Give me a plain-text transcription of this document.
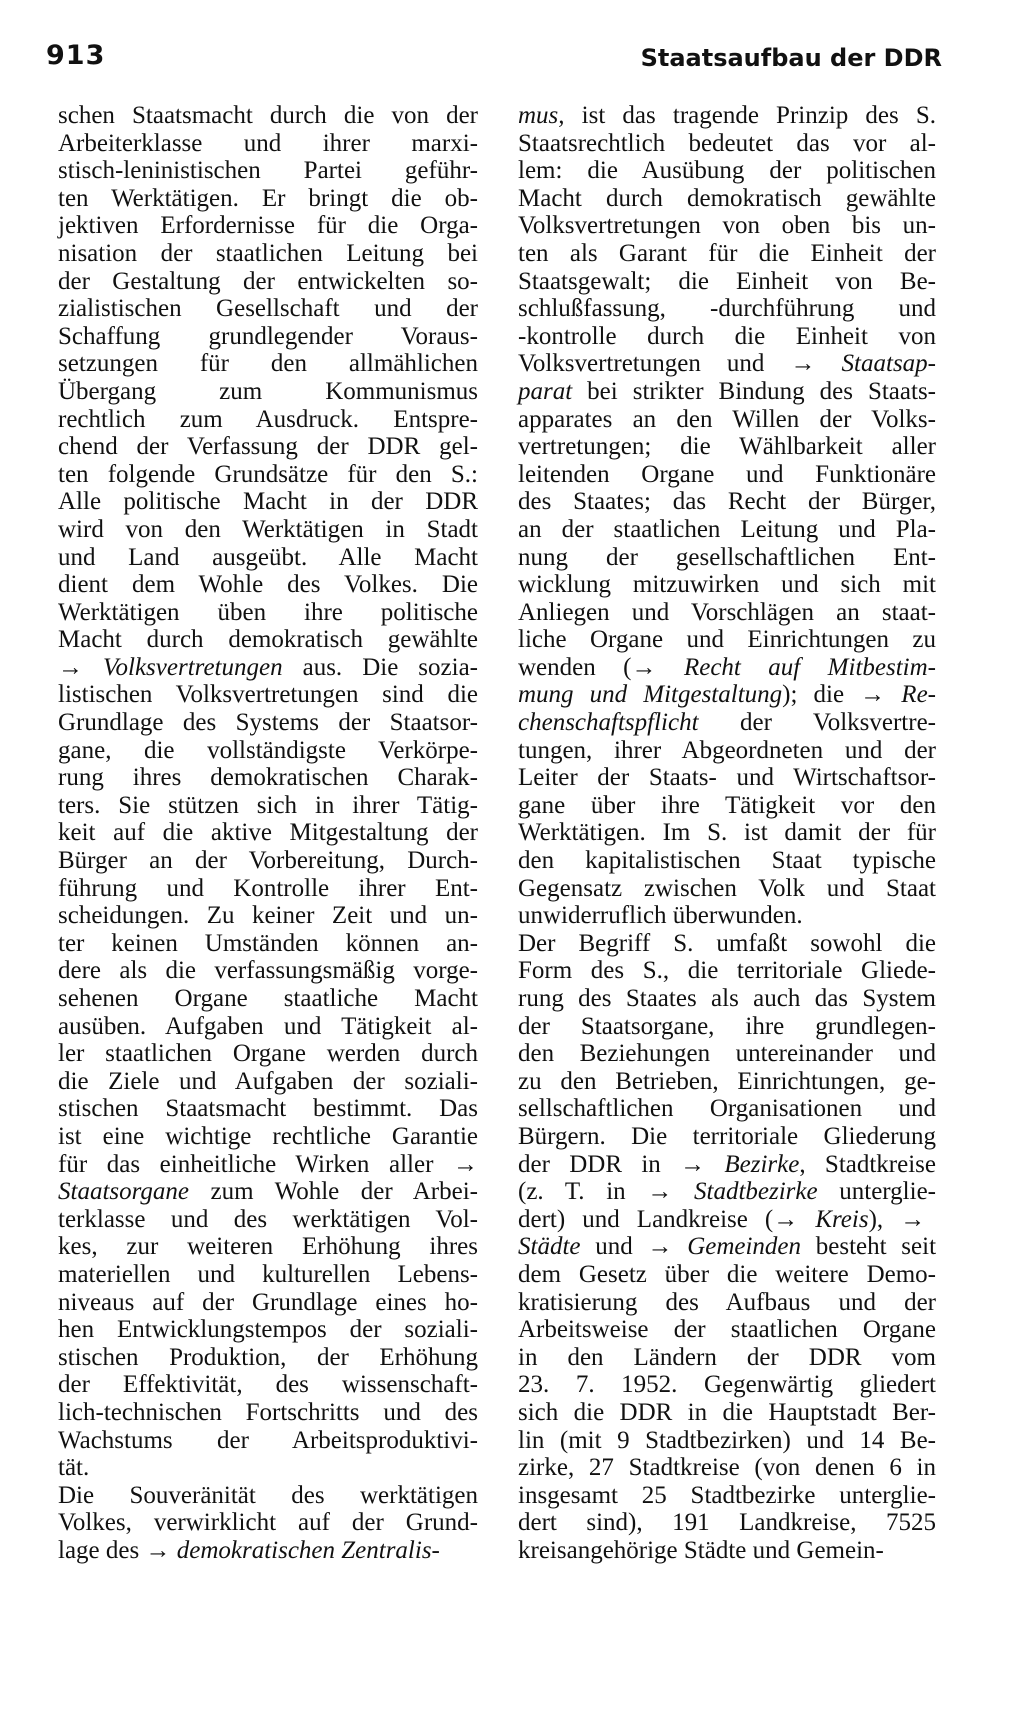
913	Staatsaufbau der DDR
schen Staatsmacht durch die von der
Arbeiterklasse und ihrer marxi-
stisch-leninistischen Partei geführ-
ten Werktätigen. Er bringt die ob-
jektiven Erfordernisse für die Orga-
nisation der staatlichen Leitung bei
der Gestaltung der entwickelten so-
zialistischen Gesellschaft und der
Schaffung grundlegender Voraus-
setzungen für den allmählichen
Übergang zum Kommunismus
rechtlich zum Ausdruck. Entspre-
chend der Verfassung der DDR gel-
ten folgende Grundsätze für den S.:
Alle politische Macht in der DDR
wird von den Werktätigen in Stadt
und Land ausgeübt. Alle Macht
dient dem Wohle des Volkes. Die
Werktätigen üben ihre politische
Macht durch demokratisch gewählte
→ Volksvertretungen aus. Die sozia-
listischen Volksvertretungen sind die
Grundlage des Systems der Staatsor-
gane, die vollständigste Verkörpe-
rung ihres demokratischen Charak-
ters. Sie stützen sich in ihrer Tätig-
keit auf die aktive Mitgestaltung der
Bürger an der Vorbereitung, Durch-
führung und Kontrolle ihrer Ent-
scheidungen. Zu keiner Zeit und un-
ter keinen Umständen können an-
dere als die verfassungsmäßig vorge-
sehenen Organe staatliche Macht
ausüben. Aufgaben und Tätigkeit al-
ler staatlichen Organe werden durch
die Ziele und Aufgaben der soziali-
stischen Staatsmacht bestimmt. Das
ist eine wichtige rechtliche Garantie
für das einheitliche Wirken aller →
Staatsorgane zum Wohle der Arbei-
terklasse und des werktätigen Vol-
kes, zur weiteren Erhöhung ihres
materiellen und kulturellen Lebens-
niveaus auf der Grundlage eines ho-
hen Entwicklungstempos der soziali-
stischen Produktion, der Erhöhung
der Effektivität, des wissenschaft-
lich-technischen Fortschritts und des
Wachstums der Arbeitsproduktivi-
tät.
Die Souveränität des werktätigen
Volkes, verwirklicht auf der Grund-
lage des → demokratischen Zentralis-
mus, ist das tragende Prinzip des S.
Staatsrechtlich bedeutet das vor al-
lem: die Ausübung der politischen
Macht durch demokratisch gewählte
Volksvertretungen von oben bis un-
ten als Garant für die Einheit der
Staatsgewalt; die Einheit von Be-
schlußfassung, -durchführung und
-kontrolle durch die Einheit von
Volksvertretungen und → Staatsap-
parat bei strikter Bindung des Staats-
apparates an den Willen der Volks-
vertretungen; die Wählbarkeit aller
leitenden Organe und Funktionäre
des Staates; das Recht der Bürger,
an der staatlichen Leitung und Pla-
nung der gesellschaftlichen Ent-
wicklung mitzuwirken und sich mit
Anliegen und Vorschlägen an staat-
liche Organe und Einrichtungen zu
wenden (→ Recht auf Mitbestim-
mung und Mitgestaltung); die → Re-
chenschaftspflicht der Volksvertre-
tungen, ihrer Abgeordneten und der
Leiter der Staats- und Wirtschaftsor-
gane über ihre Tätigkeit vor den
Werktätigen. Im S. ist damit der für
den kapitalistischen Staat typische
Gegensatz zwischen Volk und Staat
unwiderruflich überwunden.
Der Begriff S. umfaßt sowohl die
Form des S., die territoriale Gliede-
rung des Staates als auch das System
der Staatsorgane, ihre grundlegen-
den Beziehungen untereinander und
zu den Betrieben, Einrichtungen, ge-
sellschaftlichen Organisationen und
Bürgern. Die territoriale Gliederung
der DDR in → Bezirke, Stadtkreise
(z. T. in → Stadtbezirke unterglie-
dert) und Landkreise (→ Kreis), →
Städte und → Gemeinden besteht seit
dem Gesetz über die weitere Demo-
kratisierung des Aufbaus und der
Arbeitsweise der staatlichen Organe
in den Ländern der DDR vom
23. 7. 1952. Gegenwärtig gliedert
sich die DDR in die Hauptstadt Ber-
lin (mit 9 Stadtbezirken) und 14 Be-
zirke, 27 Stadtkreise (von denen 6 in
insgesamt 25 Stadtbezirke unterglie-
dert sind), 191 Landkreise, 7525
kreisangehörige Städte und Gemein-
